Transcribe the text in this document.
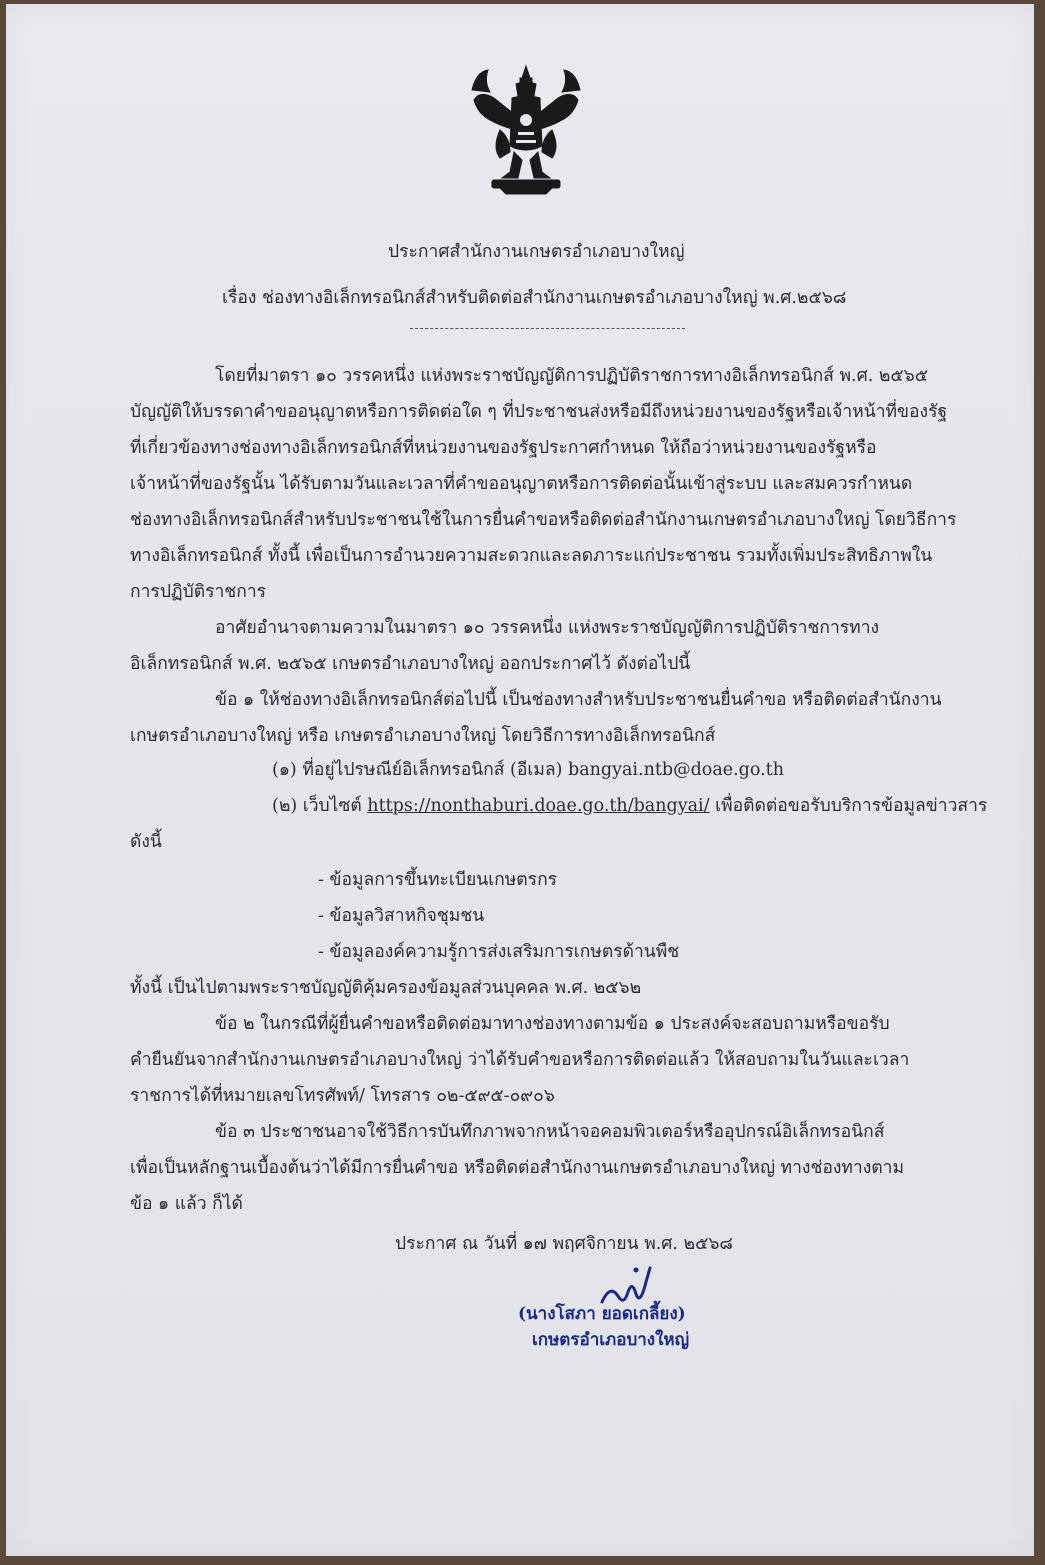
ประกาศสำนักงานเกษตรอำเภอบางใหญ่
เรื่อง ช่องทางอิเล็กทรอนิกส์สำหรับติดต่อสำนักงานเกษตรอำเภอบางใหญ่ พ.ศ.๒๕๖๘
โดยที่มาตรา ๑๐ วรรคหนึ่ง แห่งพระราชบัญญัติการปฏิบัติราชการทางอิเล็กทรอนิกส์ พ.ศ. ๒๕๖๕
บัญญัติให้บรรดาคำขออนุญาตหรือการติดต่อใด ๆ ที่ประชาชนส่งหรือมีถึงหน่วยงานของรัฐหรือเจ้าหน้าที่ของรัฐ
ที่เกี่ยวข้องทางช่องทางอิเล็กทรอนิกส์ที่หน่วยงานของรัฐประกาศกำหนด ให้ถือว่าหน่วยงานของรัฐหรือ
เจ้าหน้าที่ของรัฐนั้น ได้รับตามวันและเวลาที่คำขออนุญาตหรือการติดต่อนั้นเข้าสู่ระบบ และสมควรกำหนด
ช่องทางอิเล็กทรอนิกส์สำหรับประชาชนใช้ในการยื่นคำขอหรือติดต่อสำนักงานเกษตรอำเภอบางใหญ่ โดยวิธีการ
ทางอิเล็กทรอนิกส์ ทั้งนี้ เพื่อเป็นการอำนวยความสะดวกและลดภาระแก่ประชาชน รวมทั้งเพิ่มประสิทธิภาพใน
การปฏิบัติราชการ
อาศัยอำนาจตามความในมาตรา ๑๐ วรรคหนึ่ง แห่งพระราชบัญญัติการปฏิบัติราชการทาง
อิเล็กทรอนิกส์ พ.ศ. ๒๕๖๕ เกษตรอำเภอบางใหญ่ ออกประกาศไว้ ดังต่อไปนี้
ข้อ ๑ ให้ช่องทางอิเล็กทรอนิกส์ต่อไปนี้ เป็นช่องทางสำหรับประชาชนยื่นคำขอ หรือติดต่อสำนักงาน
เกษตรอำเภอบางใหญ่ หรือ เกษตรอำเภอบางใหญ่ โดยวิธีการทางอิเล็กทรอนิกส์
(๑) ที่อยู่ไปรษณีย์อิเล็กทรอนิกส์ (อีเมล) bangyai.ntb@doae.go.th
(๒) เว็บไซต์ https://nonthaburi.doae.go.th/bangyai/ เพื่อติดต่อขอรับบริการข้อมูลข่าวสาร
ดังนี้
- ข้อมูลการขึ้นทะเบียนเกษตรกร
- ข้อมูลวิสาหกิจชุมชน
- ข้อมูลองค์ความรู้การส่งเสริมการเกษตรด้านพืช
ทั้งนี้ เป็นไปตามพระราชบัญญัติคุ้มครองข้อมูลส่วนบุคคล พ.ศ. ๒๕๖๒
ข้อ ๒ ในกรณีที่ผู้ยื่นคำขอหรือติดต่อมาทางช่องทางตามข้อ ๑ ประสงค์จะสอบถามหรือขอรับ
คำยืนยันจากสำนักงานเกษตรอำเภอบางใหญ่ ว่าได้รับคำขอหรือการติดต่อแล้ว ให้สอบถามในวันและเวลา
ราชการได้ที่หมายเลขโทรศัพท์/ โทรสาร ๐๒-๕๙๕-๐๙๐๖
ข้อ ๓ ประชาชนอาจใช้วิธีการบันทึกภาพจากหน้าจอคอมพิวเตอร์หรืออุปกรณ์อิเล็กทรอนิกส์
เพื่อเป็นหลักฐานเบื้องต้นว่าได้มีการยื่นคำขอ หรือติดต่อสำนักงานเกษตรอำเภอบางใหญ่ ทางช่องทางตาม
ข้อ ๑ แล้ว ก็ได้
ประกาศ ณ วันที่ ๑๗ พฤศจิกายน พ.ศ. ๒๕๖๘
(นางโสภา ยอดเกลี้ยง)
เกษตรอำเภอบางใหญ่
